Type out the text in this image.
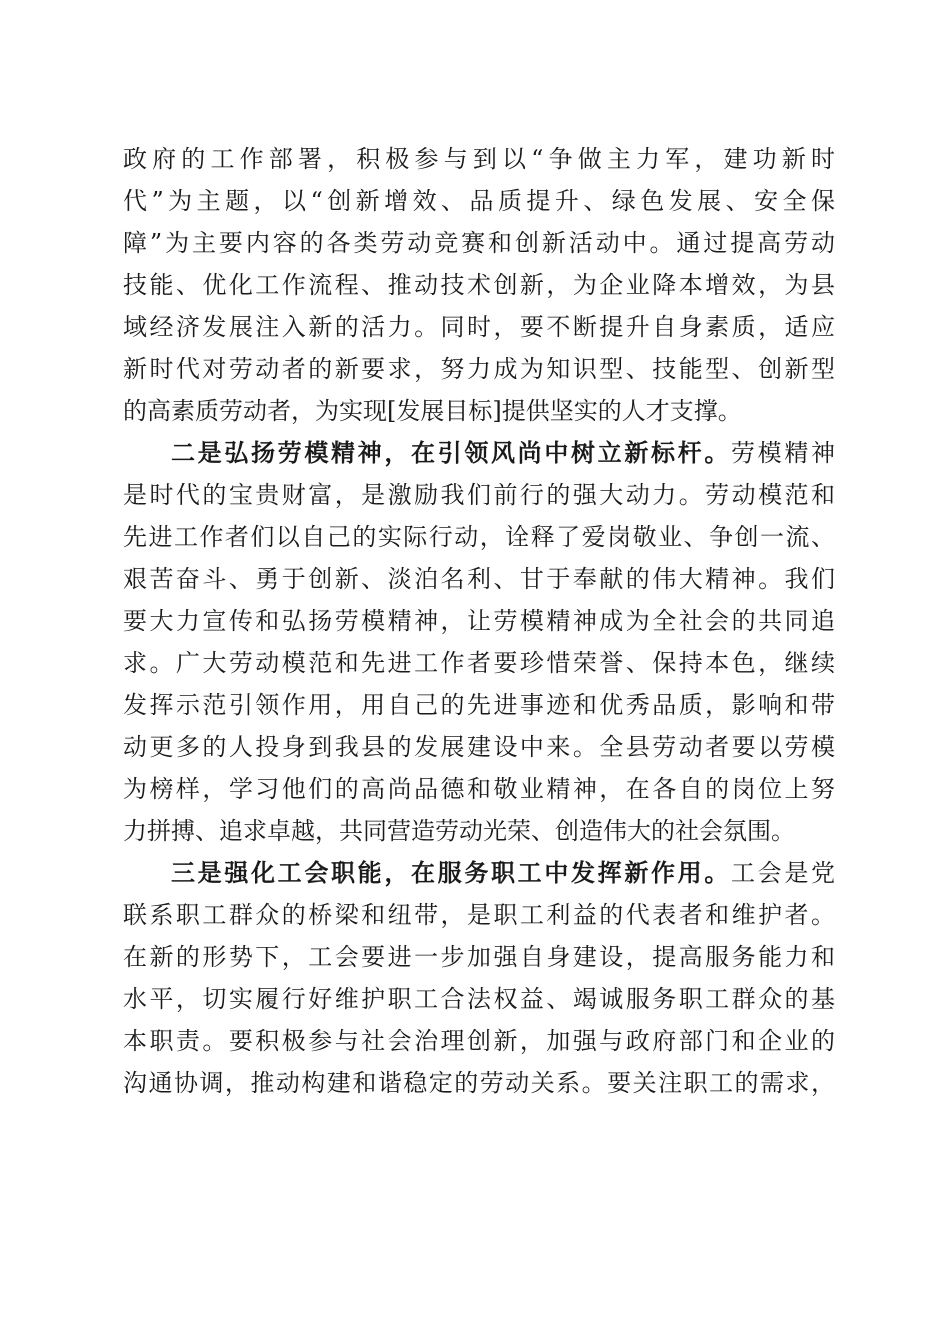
政府的工作部署，积极参与到以“争做主力军，建功新时
代”为主题，以“创新增效、品质提升、绿色发展、安全保
障”为主要内容的各类劳动竞赛和创新活动中。通过提高劳动
技能、优化工作流程、推动技术创新，为企业降本增效，为县
域经济发展注入新的活力。同时，要不断提升自身素质，适应
新时代对劳动者的新要求，努力成为知识型、技能型、创新型
的高素质劳动者，为实现[发展目标]提供坚实的人才支撑。
二是弘扬劳模精神，在引领风尚中树立新标杆。劳模精神
是时代的宝贵财富，是激励我们前行的强大动力。劳动模范和
先进工作者们以自己的实际行动，诠释了爱岗敬业、争创一流、
艰苦奋斗、勇于创新、淡泊名利、甘于奉献的伟大精神。我们
要大力宣传和弘扬劳模精神，让劳模精神成为全社会的共同追
求。广大劳动模范和先进工作者要珍惜荣誉、保持本色，继续
发挥示范引领作用，用自己的先进事迹和优秀品质，影响和带
动更多的人投身到我县的发展建设中来。全县劳动者要以劳模
为榜样，学习他们的高尚品德和敬业精神，在各自的岗位上努
力拼搏、追求卓越，共同营造劳动光荣、创造伟大的社会氛围。
三是强化工会职能，在服务职工中发挥新作用。工会是党
联系职工群众的桥梁和纽带，是职工利益的代表者和维护者。
在新的形势下，工会要进一步加强自身建设，提高服务能力和
水平，切实履行好维护职工合法权益、竭诚服务职工群众的基
本职责。要积极参与社会治理创新，加强与政府部门和企业的
沟通协调，推动构建和谐稳定的劳动关系。要关注职工的需求，
